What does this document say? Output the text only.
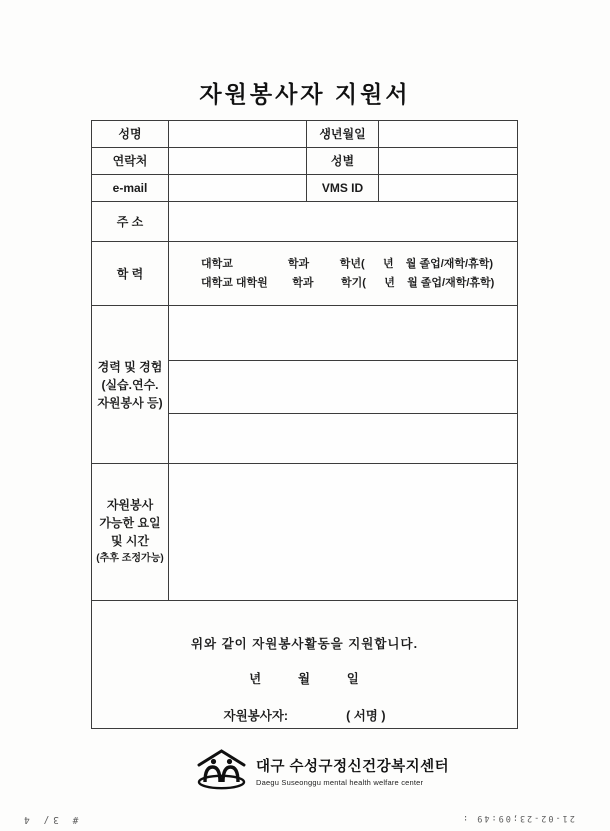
자원봉사자 지원서
성명		생년월일	
연락처		성별	
e-mail		VMS ID	
주 소			
학 력	대학교                  학과          학년(      년    월 졸업/재학/휴학)
대학교 대학원        학과         학기(      년    월 졸업/재학/휴학)		

경력 및 경험
(실습.연수.
자원봉사 등)			

자원봉사
가능한 요일
및 시간
(추후 조정가능)			

위와 같이 자원봉사활동을 지원합니다.
년        월        일
자원봉사자: ( 서명 )			
대구 수성구정신건강복지센터
Daegu Suseonggu mental health welfare center
21-02-23;09:49 :
# 3/ 4
